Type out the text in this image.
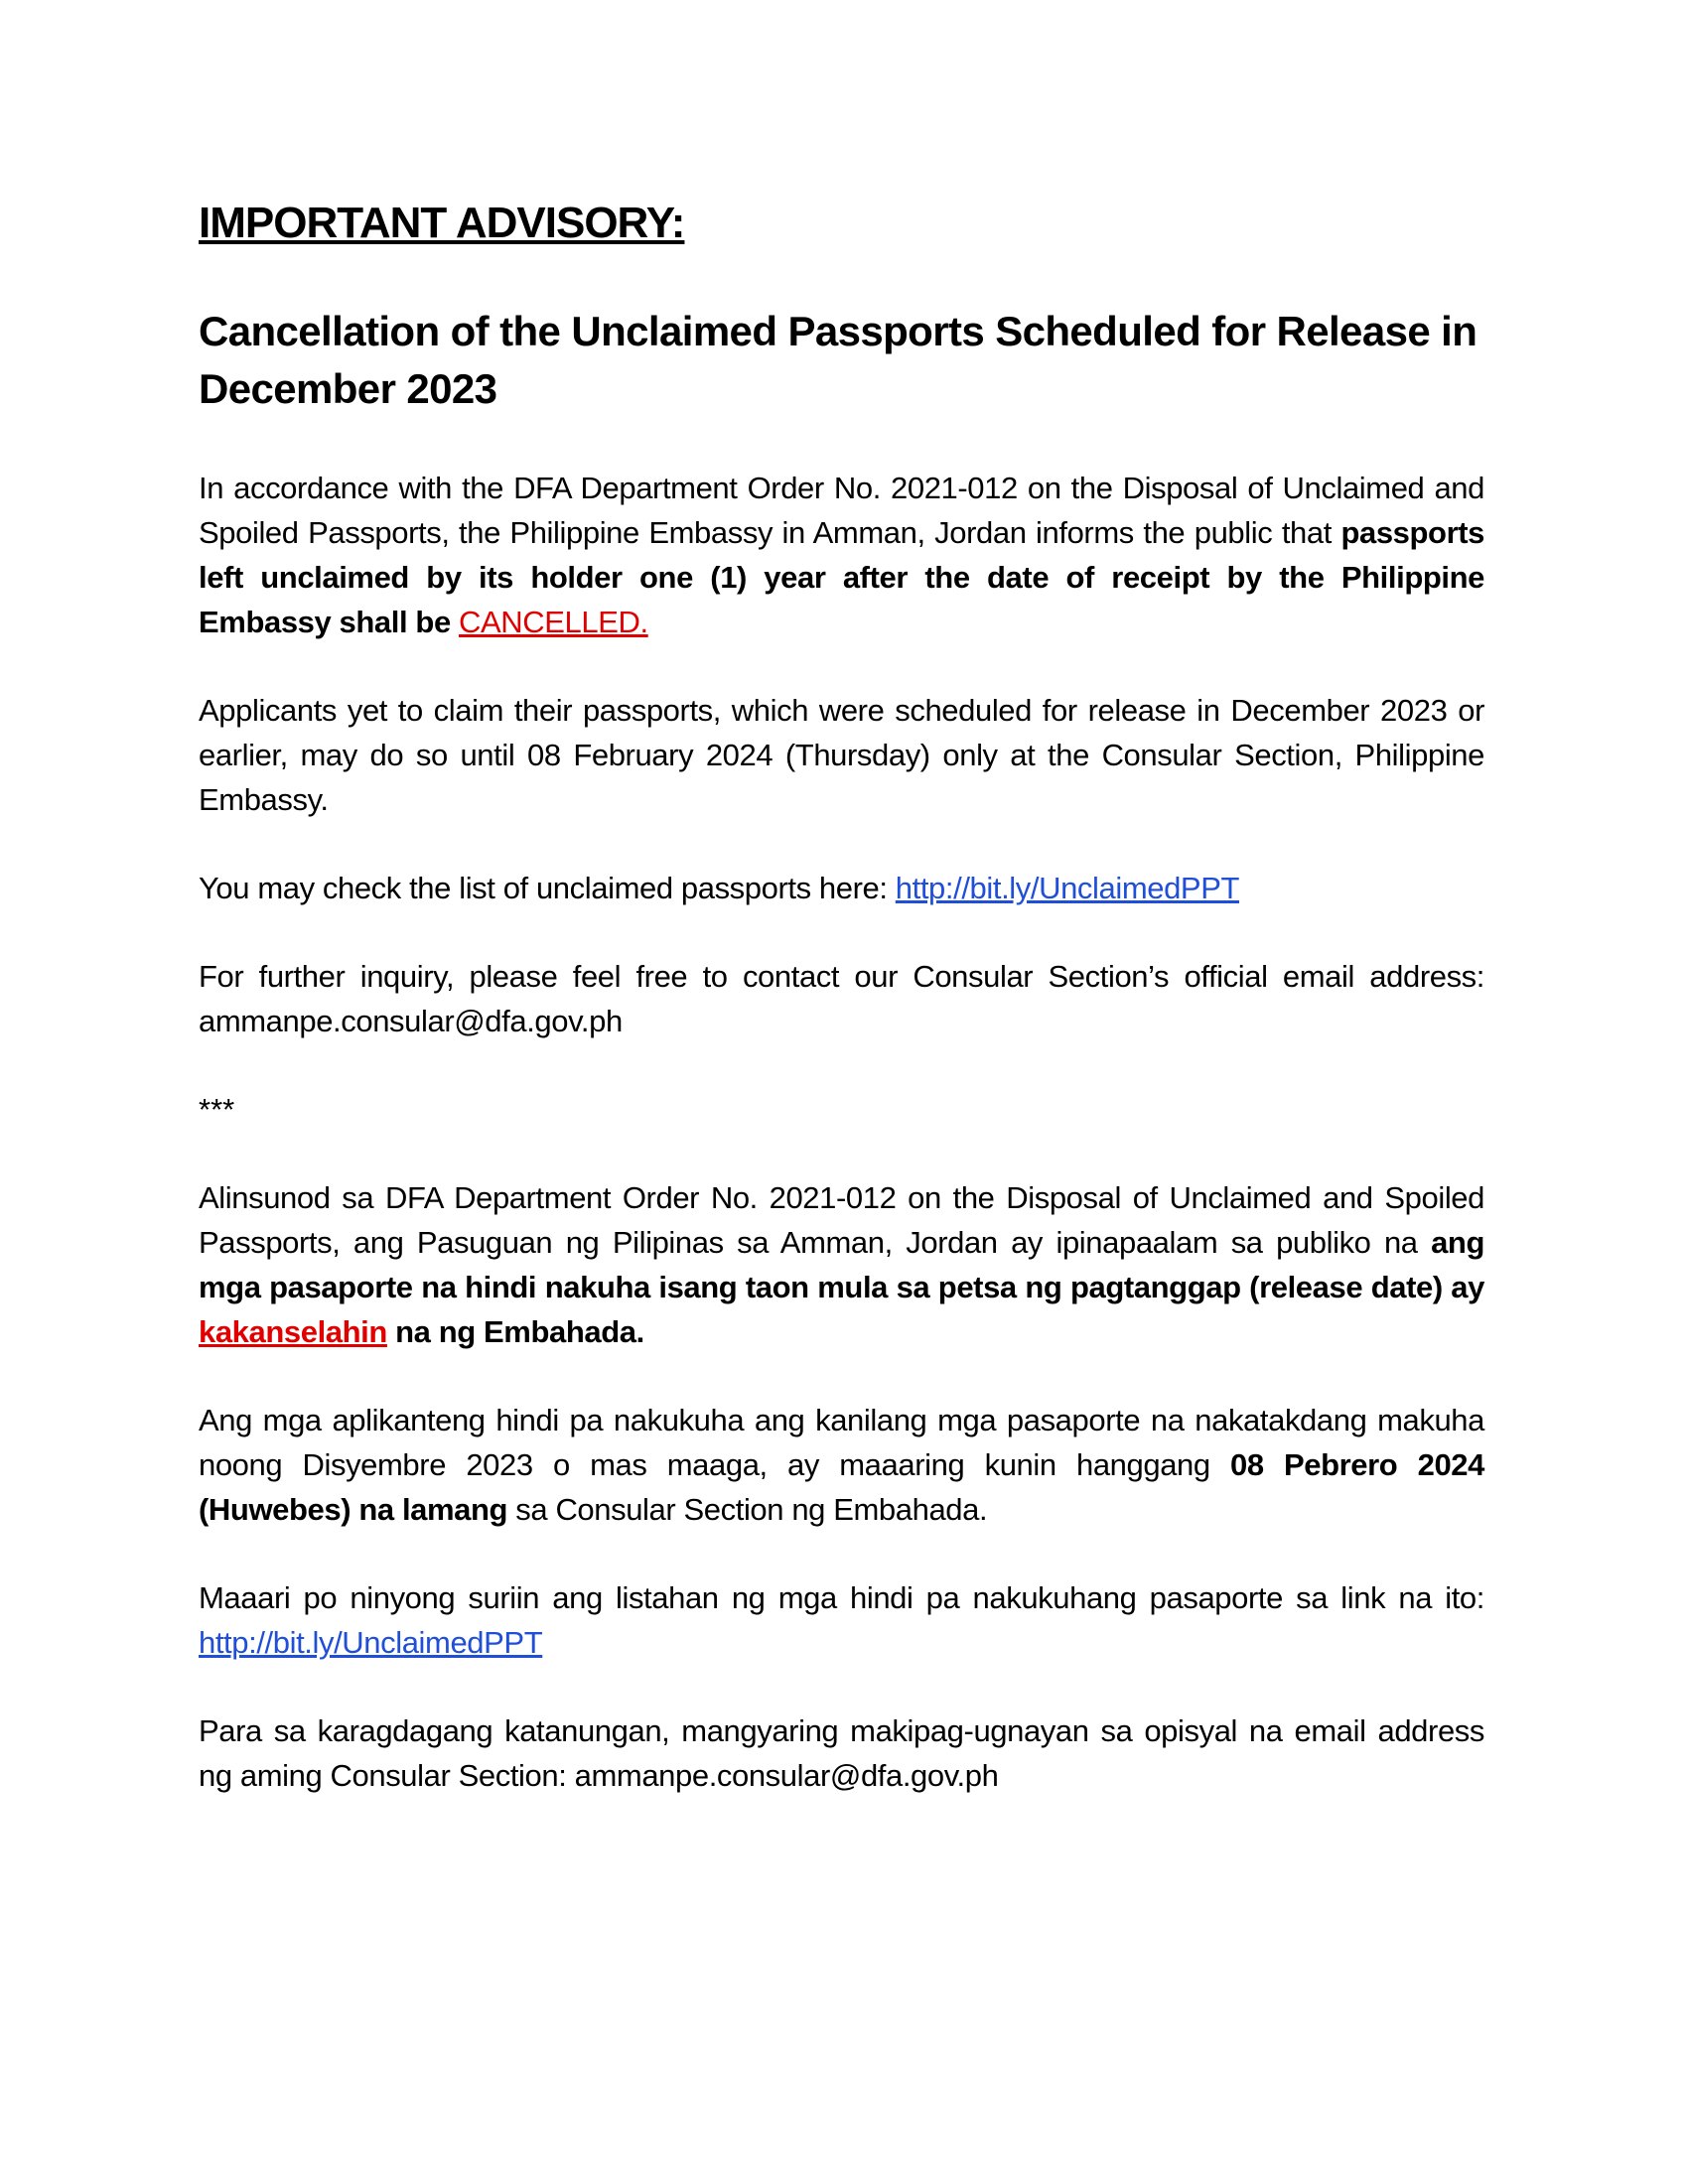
IMPORTANT ADVISORY:
Cancellation of the Unclaimed Passports Scheduled for Release in December 2023

In accordance with the DFA Department Order No. 2021-012 on the Disposal of Unclaimed and Spoiled Passports, the Philippine Embassy in Amman, Jordan informs the public that passports left unclaimed by its holder one (1) year after the date of receipt by the Philippine Embassy shall be CANCELLED.

Applicants yet to claim their passports, which were scheduled for release in December 2023 or earlier, may do so until 08 February 2024 (Thursday) only at the Consular Section, Philippine Embassy.

You may check the list of unclaimed passports here: http://bit.ly/UnclaimedPPT

For further inquiry, please feel free to contact our Consular Section’s official email address: ammanpe.consular@dfa.gov.ph

***

Alinsunod sa DFA Department Order No. 2021-012 on the Disposal of Unclaimed and Spoiled Passports, ang Pasuguan ng Pilipinas sa Amman, Jordan ay ipinapaalam sa publiko na ang mga pasaporte na hindi nakuha isang taon mula sa petsa ng pagtanggap (release date) ay kakanselahin na ng Embahada.

Ang mga aplikanteng hindi pa nakukuha ang kanilang mga pasaporte na nakatakdang makuha noong Disyembre 2023 o mas maaga, ay maaaring kunin hanggang 08 Pebrero 2024 (Huwebes) na lamang sa Consular Section ng Embahada.

Maaari po ninyong suriin ang listahan ng mga hindi pa nakukuhang pasaporte sa link na ito: http://bit.ly/UnclaimedPPT

Para sa karagdagang katanungan, mangyaring makipag-ugnayan sa opisyal na email address ng aming Consular Section: ammanpe.consular@dfa.gov.ph
